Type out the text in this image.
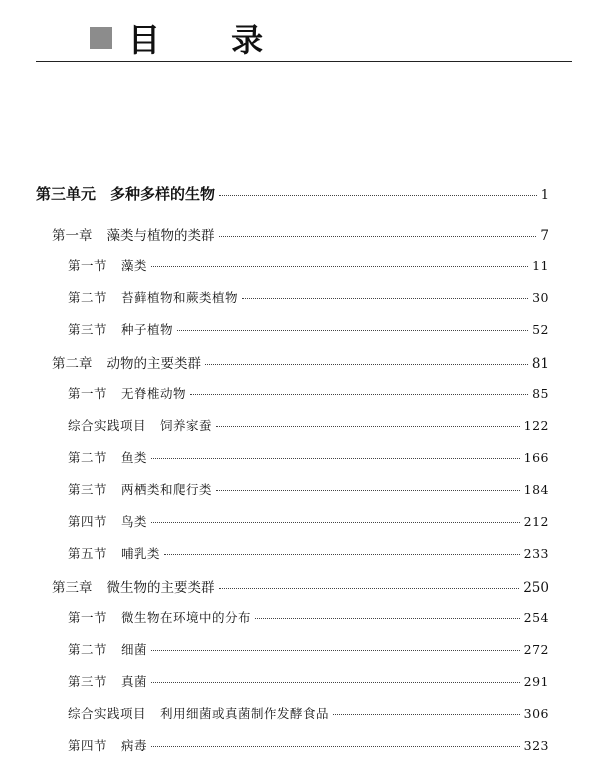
目 录
第三单元 多种多样的生物	1
第一章 藻类与植物的类群	7
第一节 藻类	11
第二节 苔藓植物和蕨类植物	30
第三节 种子植物	52
第二章 动物的主要类群	81
第一节 无脊椎动物	85
综合实践项目 饲养家蚕	122
第二节 鱼类	166
第三节 两栖类和爬行类	184
第四节 鸟类	212
第五节 哺乳类	233
第三章 微生物的主要类群	250
第一节 微生物在环境中的分布	254
第二节 细菌	272
第三节 真菌	291
综合实践项目 利用细菌或真菌制作发酵食品	306
第四节 病毒	323
